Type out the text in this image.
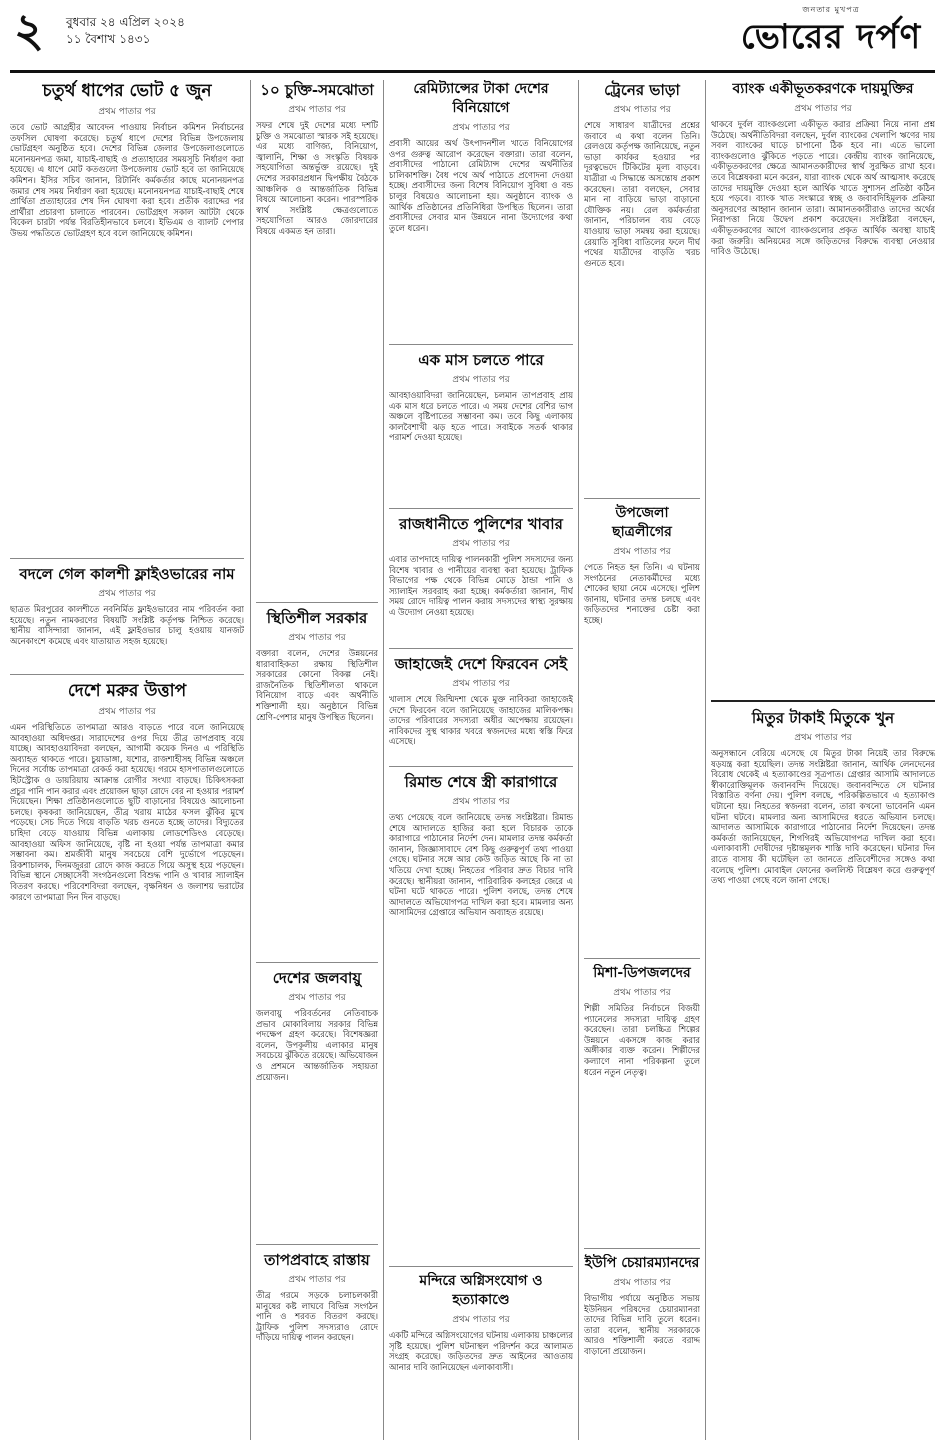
২ বুধবার ২৪ এপ্রিল ২০২৪
১১ বৈশাখ ১৪৩১
জনতার মুখপত্র
ভোরের দর্পণ
চতুর্থ ধাপের ভোট ৫ জুন
প্রথম পাতার পর

তবে ভোট আগ্রহীর আবেদন পাওয়ায় নির্বাচন কমিশন নির্বাচনের তফসিল ঘোষণা করেছে। চতুর্থ ধাপে দেশের বিভিন্ন উপজেলায় ভোটগ্রহণ অনুষ্ঠিত হবে। দেশের বিভিন্ন জেলার উপজেলাগুলোতে মনোনয়নপত্র জমা, যাচাই-বাছাই ও প্রত্যাহারের সময়সূচি নির্ধারণ করা হয়েছে। এ ধাপে মোট কতগুলো উপজেলায় ভোট হবে তা জানিয়েছে কমিশন। ইসির সচিব জানান, রিটার্নিং কর্মকর্তার কাছে মনোনয়নপত্র জমার শেষ সময় নির্ধারণ করা হয়েছে। মনোনয়নপত্র যাচাই-বাছাই শেষে প্রার্থিতা প্রত্যাহারের শেষ দিন ঘোষণা করা হবে। প্রতীক বরাদ্দের পর প্রার্থীরা প্রচারণা চালাতে পারবেন। ভোটগ্রহণ সকাল আটটা থেকে বিকেল চারটা পর্যন্ত বিরতিহীনভাবে চলবে। ইভিএম ও ব্যালট পেপার উভয় পদ্ধতিতে ভোটগ্রহণ হবে বলে জানিয়েছে কমিশন।

বদলে গেল কালশী ফ্লাইওভারের নাম
প্রথম পাতার পর

ছাত্রত মিরপুরের কালশীতে নবনির্মিত ফ্লাইওভারের নাম পরিবর্তন করা হয়েছে। নতুন নামকরণের বিষয়টি সংশ্লিষ্ট কর্তৃপক্ষ নিশ্চিত করেছে। স্থানীয় বাসিন্দারা জানান, এই ফ্লাইওভার চালু হওয়ায় যানজট অনেকাংশে কমেছে এবং যাতায়াত সহজ হয়েছে।

দেশে মরুর উত্তাপ
প্রথম পাতার পর

এমন পরিস্থিতিতে তাপমাত্রা আরও বাড়তে পারে বলে জানিয়েছে আবহাওয়া অধিদপ্তর। সারাদেশের ওপর দিয়ে তীব্র তাপপ্রবাহ বয়ে যাচ্ছে। আবহাওয়াবিদরা বলছেন, আগামী কয়েক দিনও এ পরিস্থিতি অব্যাহত থাকতে পারে। চুয়াডাঙ্গা, যশোর, রাজশাহীসহ বিভিন্ন অঞ্চলে দিনের সর্বোচ্চ তাপমাত্রা রেকর্ড করা হয়েছে। গরমে হাসপাতালগুলোতে হিটস্ট্রোক ও ডায়রিয়ায় আক্রান্ত রোগীর সংখ্যা বাড়ছে। চিকিৎসকরা প্রচুর পানি পান করার এবং প্রয়োজন ছাড়া রোদে বের না হওয়ার পরামর্শ দিয়েছেন। শিক্ষা প্রতিষ্ঠানগুলোতে ছুটি বাড়ানোর বিষয়েও আলোচনা চলছে। কৃষকরা জানিয়েছেন, তীব্র খরায় মাঠের ফসল ঝুঁকির মুখে পড়েছে। সেচ দিতে গিয়ে বাড়তি খরচ গুনতে হচ্ছে তাদের। বিদ্যুতের চাহিদা বেড়ে যাওয়ায় বিভিন্ন এলাকায় লোডশেডিংও বেড়েছে। আবহাওয়া অফিস জানিয়েছে, বৃষ্টি না হওয়া পর্যন্ত তাপমাত্রা কমার সম্ভাবনা কম। শ্রমজীবী মানুষ সবচেয়ে বেশি দুর্ভোগে পড়েছেন। রিকশাচালক, দিনমজুররা রোদে কাজ করতে গিয়ে অসুস্থ হয়ে পড়ছেন। বিভিন্ন স্থানে সেচ্ছাসেবী সংগঠনগুলো বিশুদ্ধ পানি ও খাবার স্যালাইন বিতরণ করছে। পরিবেশবিদরা বলছেন, বৃক্ষনিধন ও জলাশয় ভরাটের কারণে তাপমাত্রা দিন দিন বাড়ছে।

১০ চুক্তি-সমঝোতা
প্রথম পাতার পর

সফর শেষে দুই দেশের মধ্যে দশটি চুক্তি ও সমঝোতা স্মারক সই হয়েছে। এর মধ্যে বাণিজ্য, বিনিয়োগ, জ্বালানি, শিক্ষা ও সংস্কৃতি বিষয়ক সহযোগিতা অন্তর্ভুক্ত রয়েছে। দুই দেশের সরকারপ্রধান দ্বিপক্ষীয় বৈঠকে আঞ্চলিক ও আন্তর্জাতিক বিভিন্ন বিষয়ে আলোচনা করেন। পারস্পরিক স্বার্থ সংশ্লিষ্ট ক্ষেত্রগুলোতে সহযোগিতা আরও জোরদারের বিষয়ে একমত হন তারা।

স্থিতিশীল সরকার
প্রথম পাতার পর

বক্তারা বলেন, দেশের উন্নয়নের ধারাবাহিকতা রক্ষায় স্থিতিশীল সরকারের কোনো বিকল্প নেই। রাজনৈতিক স্থিতিশীলতা থাকলে বিনিয়োগ বাড়ে এবং অর্থনীতি শক্তিশালী হয়। অনুষ্ঠানে বিভিন্ন শ্রেণি-পেশার মানুষ উপস্থিত ছিলেন।

দেশের জলবায়ু
প্রথম পাতার পর

জলবায়ু পরিবর্তনের নেতিবাচক প্রভাব মোকাবিলায় সরকার বিভিন্ন পদক্ষেপ গ্রহণ করেছে। বিশেষজ্ঞরা বলেন, উপকূলীয় এলাকার মানুষ সবচেয়ে ঝুঁকিতে রয়েছে। অভিযোজন ও প্রশমনে আন্তর্জাতিক সহায়তা প্রয়োজন।

তাপপ্রবাহে রাস্তায়
প্রথম পাতার পর

তীব্র গরমে সড়কে চলাচলকারী মানুষের কষ্ট লাঘবে বিভিন্ন সংগঠন পানি ও শরবত বিতরণ করছে। ট্রাফিক পুলিশ সদস্যরাও রোদে দাঁড়িয়ে দায়িত্ব পালন করছেন।

রেমিট্যান্সের টাকা দেশের বিনিয়োগে
প্রথম পাতার পর

প্রবাসী আয়ের অর্থ উৎপাদনশীল খাতে বিনিয়োগের ওপর গুরুত্ব আরোপ করেছেন বক্তারা। তারা বলেন, প্রবাসীদের পাঠানো রেমিট্যান্স দেশের অর্থনীতির চালিকাশক্তি। বৈধ পথে অর্থ পাঠাতে প্রণোদনা দেওয়া হচ্ছে। প্রবাসীদের জন্য বিশেষ বিনিয়োগ সুবিধা ও বন্ড চালুর বিষয়েও আলোচনা হয়। অনুষ্ঠানে ব্যাংক ও আর্থিক প্রতিষ্ঠানের প্রতিনিধিরা উপস্থিত ছিলেন। তারা প্রবাসীদের সেবার মান উন্নয়নে নানা উদ্যোগের কথা তুলে ধরেন।

এক মাস চলতে পারে
প্রথম পাতার পর

আবহাওয়াবিদরা জানিয়েছেন, চলমান তাপপ্রবাহ প্রায় এক মাস ধরে চলতে পারে। এ সময় দেশের বেশির ভাগ অঞ্চলে বৃষ্টিপাতের সম্ভাবনা কম। তবে কিছু এলাকায় কালবৈশাখী ঝড় হতে পারে। সবাইকে সতর্ক থাকার পরামর্শ দেওয়া হয়েছে।

রাজধানীতে পুলিশের খাবার
প্রথম পাতার পর

এবার তাপদাহে দায়িত্ব পালনকারী পুলিশ সদস্যদের জন্য বিশেষ খাবার ও পানীয়ের ব্যবস্থা করা হয়েছে। ট্রাফিক বিভাগের পক্ষ থেকে বিভিন্ন মোড়ে ঠান্ডা পানি ও স্যালাইন সরবরাহ করা হচ্ছে। কর্মকর্তারা জানান, দীর্ঘ সময় রোদে দায়িত্ব পালন করায় সদস্যদের স্বাস্থ্য সুরক্ষায় এ উদ্যোগ নেওয়া হয়েছে।

জাহাজেই দেশে ফিরবেন সেই
প্রথম পাতার পর

খালাস শেষে জিম্মিদশা থেকে মুক্ত নাবিকরা জাহাজেই দেশে ফিরবেন বলে জানিয়েছে জাহাজের মালিকপক্ষ। তাদের পরিবারের সদস্যরা অধীর অপেক্ষায় রয়েছেন। নাবিকদের সুস্থ থাকার খবরে স্বজনদের মধ্যে স্বস্তি ফিরে এসেছে।

রিমান্ড শেষে স্ত্রী কারাগারে
প্রথম পাতার পর

তথ্য পেয়েছে বলে জানিয়েছে তদন্ত সংশ্লিষ্টরা। রিমান্ড শেষে আদালতে হাজির করা হলে বিচারক তাকে কারাগারে পাঠানোর নির্দেশ দেন। মামলার তদন্ত কর্মকর্তা জানান, জিজ্ঞাসাবাদে বেশ কিছু গুরুত্বপূর্ণ তথ্য পাওয়া গেছে। ঘটনার সঙ্গে আর কেউ জড়িত আছে কি না তা খতিয়ে দেখা হচ্ছে। নিহতের পরিবার দ্রুত বিচার দাবি করেছে। স্থানীয়রা জানান, পারিবারিক কলহের জেরে এ ঘটনা ঘটে থাকতে পারে। পুলিশ বলছে, তদন্ত শেষে আদালতে অভিযোগপত্র দাখিল করা হবে। মামলার অন্য আসামিদের গ্রেপ্তারে অভিযান অব্যাহত রয়েছে।

মন্দিরে অগ্নিসংযোগ ও হত্যাকাণ্ডে
প্রথম পাতার পর

একটি মন্দিরে অগ্নিসংযোগের ঘটনায় এলাকায় চাঞ্চল্যের সৃষ্টি হয়েছে। পুলিশ ঘটনাস্থল পরিদর্শন করে আলামত সংগ্রহ করেছে। জড়িতদের দ্রুত আইনের আওতায় আনার দাবি জানিয়েছেন এলাকাবাসী।

ট্রেনের ভাড়া
প্রথম পাতার পর

শেষে সাধারণ যাত্রীদের প্রশ্নের জবাবে এ কথা বলেন তিনি। রেলওয়ে কর্তৃপক্ষ জানিয়েছে, নতুন ভাড়া কার্যকর হওয়ার পর দূরত্বভেদে টিকিটের মূল্য বাড়বে। যাত্রীরা এ সিদ্ধান্তে অসন্তোষ প্রকাশ করেছেন। তারা বলছেন, সেবার মান না বাড়িয়ে ভাড়া বাড়ানো যৌক্তিক নয়। রেল কর্মকর্তারা জানান, পরিচালন ব্যয় বেড়ে যাওয়ায় ভাড়া সমন্বয় করা হয়েছে। রেয়াতি সুবিধা বাতিলের ফলে দীর্ঘ পথের যাত্রীদের বাড়তি খরচ গুনতে হবে।

উপজেলা ছাত্রলীগের
প্রথম পাতার পর

পেতে নিহত হন তিনি। এ ঘটনায় সংগঠনের নেতাকর্মীদের মধ্যে শোকের ছায়া নেমে এসেছে। পুলিশ জানায়, ঘটনার তদন্ত চলছে এবং জড়িতদের শনাক্তের চেষ্টা করা হচ্ছে।

মিশা-ডিপজলদের
প্রথম পাতার পর

শিল্পী সমিতির নির্বাচনে বিজয়ী প্যানেলের সদস্যরা দায়িত্ব গ্রহণ করেছেন। তারা চলচ্চিত্র শিল্পের উন্নয়নে একসঙ্গে কাজ করার অঙ্গীকার ব্যক্ত করেন। শিল্পীদের কল্যাণে নানা পরিকল্পনা তুলে ধরেন নতুন নেতৃত্ব।

ইউপি চেয়ারম্যানদের
প্রথম পাতার পর

বিভাগীয় পর্যায়ে অনুষ্ঠিত সভায় ইউনিয়ন পরিষদের চেয়ারম্যানরা তাদের বিভিন্ন দাবি তুলে ধরেন। তারা বলেন, স্থানীয় সরকারকে আরও শক্তিশালী করতে বরাদ্দ বাড়ানো প্রয়োজন।

ব্যাংক একীভূতকরণকে দায়মুক্তির
প্রথম পাতার পর

থাকবে দুর্বল ব্যাংকগুলো একীভূত করার প্রক্রিয়া নিয়ে নানা প্রশ্ন উঠেছে। অর্থনীতিবিদরা বলছেন, দুর্বল ব্যাংকের খেলাপি ঋণের দায় সবল ব্যাংকের ঘাড়ে চাপানো ঠিক হবে না। এতে ভালো ব্যাংকগুলোও ঝুঁকিতে পড়তে পারে। কেন্দ্রীয় ব্যাংক জানিয়েছে, একীভূতকরণের ক্ষেত্রে আমানতকারীদের স্বার্থ সুরক্ষিত রাখা হবে। তবে বিশ্লেষকরা মনে করেন, যারা ব্যাংক থেকে অর্থ আত্মসাৎ করেছে তাদের দায়মুক্তি দেওয়া হলে আর্থিক খাতে সুশাসন প্রতিষ্ঠা কঠিন হয়ে পড়বে। ব্যাংক খাত সংস্কারে স্বচ্ছ ও জবাবদিহিমূলক প্রক্রিয়া অনুসরণের আহ্বান জানান তারা। আমানতকারীরাও তাদের অর্থের নিরাপত্তা নিয়ে উদ্বেগ প্রকাশ করেছেন। সংশ্লিষ্টরা বলছেন, একীভূতকরণের আগে ব্যাংকগুলোর প্রকৃত আর্থিক অবস্থা যাচাই করা জরুরি। অনিয়মের সঙ্গে জড়িতদের বিরুদ্ধে ব্যবস্থা নেওয়ার দাবিও উঠেছে।

মিতুর টাকাই মিতুকে খুন
প্রথম পাতার পর

অনুসন্ধানে বেরিয়ে এসেছে যে মিতুর টাকা নিয়েই তার বিরুদ্ধে ষড়যন্ত্র করা হয়েছিল। তদন্ত সংশ্লিষ্টরা জানান, আর্থিক লেনদেনের বিরোধ থেকেই এ হত্যাকাণ্ডের সূত্রপাত। গ্রেপ্তার আসামি আদালতে স্বীকারোক্তিমূলক জবানবন্দি দিয়েছে। জবানবন্দিতে সে ঘটনার বিস্তারিত বর্ণনা দেয়। পুলিশ বলছে, পরিকল্পিতভাবে এ হত্যাকাণ্ড ঘটানো হয়। নিহতের স্বজনরা বলেন, তারা কখনো ভাবেননি এমন ঘটনা ঘটবে। মামলার অন্য আসামিদের ধরতে অভিযান চলছে। আদালত আসামিকে কারাগারে পাঠানোর নির্দেশ দিয়েছেন। তদন্ত কর্মকর্তা জানিয়েছেন, শিগগিরই অভিযোগপত্র দাখিল করা হবে। এলাকাবাসী দোষীদের দৃষ্টান্তমূলক শাস্তি দাবি করেছেন। ঘটনার দিন রাতে বাসায় কী ঘটেছিল তা জানতে প্রতিবেশীদের সঙ্গেও কথা বলেছে পুলিশ। মোবাইল ফোনের কললিস্ট বিশ্লেষণ করে গুরুত্বপূর্ণ তথ্য পাওয়া গেছে বলে জানা গেছে।
